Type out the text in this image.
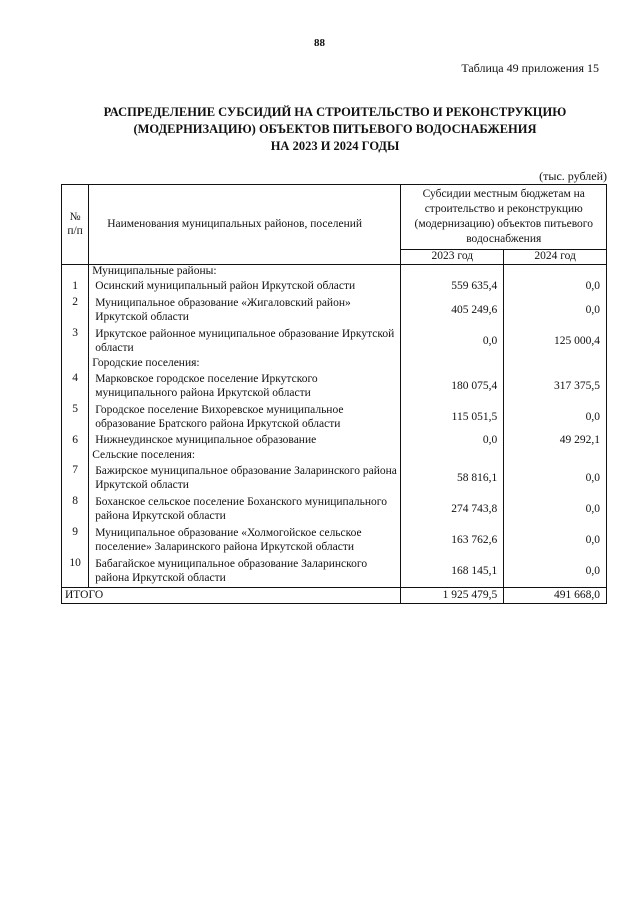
88
Таблица 49 приложения 15
РАСПРЕДЕЛЕНИЕ СУБСИДИЙ НА СТРОИТЕЛЬСТВО И РЕКОНСТРУКЦИЮ
(МОДЕРНИЗАЦИЮ) ОБЪЕКТОВ ПИТЬЕВОГО ВОДОСНАБЖЕНИЯ
НА 2023 И 2024 ГОДЫ
(тыс. рублей)
№ п/п	Наименования муниципальных районов, поселений	Субсидии местным бюджетам на строительство и реконструкцию (модернизацию) объектов питьевого водоснабжения	
		2023 год	2024 год
	Муниципальные районы:		
1	Осинский муниципальный район Иркутской области	559 635,4	0,0
2	Муниципальное образование «Жигаловский район» Иркутской области	405 249,6	0,0
3	Иркутское районное муниципальное образование Иркутской области	0,0	125 000,4
	Городские поселения:		
4	Марковское городское поселение Иркутского муниципального района Иркутской области	180 075,4	317 375,5
5	Городское поселение Вихоревское муниципальное образование Братского района Иркутской области	115 051,5	0,0
6	Нижнеудинское муниципальное образование	0,0	49 292,1
	Сельские поселения:		
7	Бажирское муниципальное образование Заларинского района Иркутской области	58 816,1	0,0
8	Боханское сельское поселение Боханского муниципального района Иркутской области	274 743,8	0,0
9	Муниципальное образование «Холмогойское сельское поселение» Заларинского района Иркутской области	163 762,6	0,0
10	Бабагайское муниципальное образование Заларинского района Иркутской области	168 145,1	0,0
ИТОГО		1 925 479,5	491 668,0
